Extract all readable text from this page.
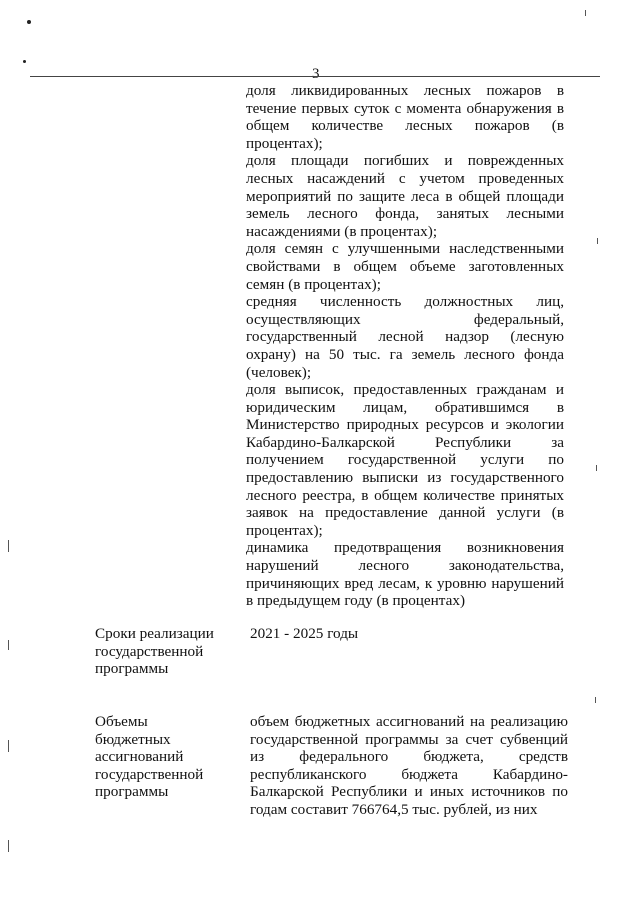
3

доля ликвидированных лесных пожаров в течение первых суток с момента обнаружения в общем количестве лесных пожаров (в процентах);

доля площади погибших и поврежденных лесных насаждений с учетом проведенных мероприятий по защите леса в общей площади земель лесного фонда, занятых лесными насаждениями (в процентах);

доля семян с улучшенными наследственными свойствами в общем объеме заготовленных семян (в процентах);

средняя численность должностных лиц, осуществляющих федеральный, государственный лесной надзор (лесную охрану) на 50 тыс. га земель лесного фонда (человек);

доля выписок, предоставленных гражданам и юридическим лицам, обратившимся в Министерство природных ресурсов и экологии Кабардино-Балкарской Республики за получением государственной услуги по предоставлению выписки из государственного лесного реестра, в общем количестве принятых заявок на предоставление данной услуги (в процентах);

динамика предотвращения возникновения нарушений лесного законодательства, причиняющих вред лесам, к уровню нарушений в предыдущем году (в процентах)

Сроки реализации государственной программы
2021 - 2025 годы
Объемы бюджетных ассигнований государственной программы

объем бюджетных ассигнований на реализацию государственной программы за счет субвенций из федерального бюджета, средств республиканского бюджета Кабардино-Балкарской Республики и иных источников по годам составит 766764,5 тыс. рублей, из них
